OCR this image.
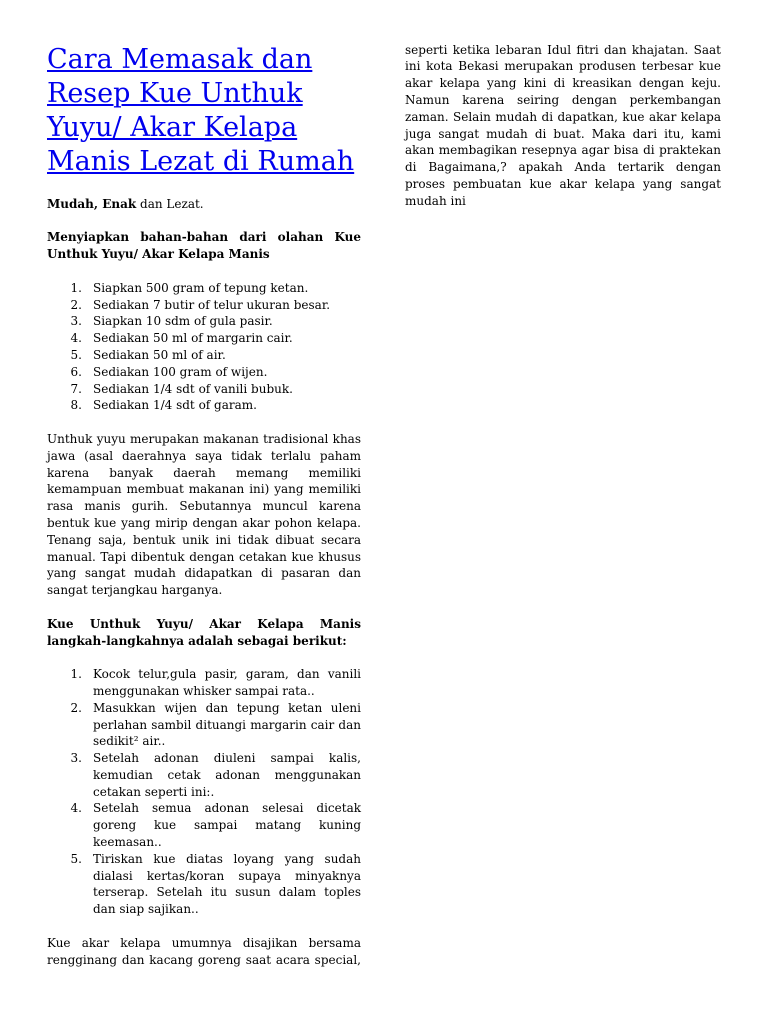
Cara Memasak dan Resep Kue Unthuk Yuyu/ Akar Kelapa Manis Lezat di Rumah

Mudah, Enak dan Lezat.

Menyiapkan bahan-bahan dari olahan Kue Unthuk Yuyu/ Akar Kelapa Manis

1. Siapkan 500 gram of tepung ketan.
2. Sediakan 7 butir of telur ukuran besar.
3. Siapkan 10 sdm of gula pasir.
4. Sediakan 50 ml of margarin cair.
5. Sediakan 50 ml of air.
6. Sediakan 100 gram of wijen.
7. Sediakan 1/4 sdt of vanili bubuk.
8. Sediakan 1/4 sdt of garam.

Unthuk yuyu merupakan makanan tradisional khas jawa (asal daerahnya saya tidak terlalu paham karena banyak daerah memang memiliki kemampuan membuat makanan ini) yang memiliki rasa manis gurih. Sebutannya muncul karena bentuk kue yang mirip dengan akar pohon kelapa. Tenang saja, bentuk unik ini tidak dibuat secara manual. Tapi dibentuk dengan cetakan kue khusus yang sangat mudah didapatkan di pasaran dan sangat terjangkau harganya.

Kue Unthuk Yuyu/ Akar Kelapa Manis langkah-langkahnya adalah sebagai berikut:

1. Kocok telur,gula pasir, garam, dan vanili menggunakan whisker sampai rata..
2. Masukkan wijen dan tepung ketan uleni perlahan sambil dituangi margarin cair dan sedikit² air..
3. Setelah adonan diuleni sampai kalis, kemudian cetak adonan menggunakan cetakan seperti ini:.
4. Setelah semua adonan selesai dicetak goreng kue sampai matang kuning keemasan..
5. Tiriskan kue diatas loyang yang sudah dialasi kertas/koran supaya minyaknya terserap. Setelah itu susun dalam toples dan siap sajikan..

Kue akar kelapa umumnya disajikan bersama rengginang dan kacang goreng saat acara special,

seperti ketika lebaran Idul fitri dan khajatan. Saat ini kota Bekasi merupakan produsen terbesar kue akar kelapa yang kini di kreasikan dengan keju. Namun karena seiring dengan perkembangan zaman. Selain mudah di dapatkan, kue akar kelapa juga sangat mudah di buat. Maka dari itu, kami akan membagikan resepnya agar bisa di praktekan di Bagaimana,? apakah Anda tertarik dengan proses pembuatan kue akar kelapa yang sangat mudah ini
